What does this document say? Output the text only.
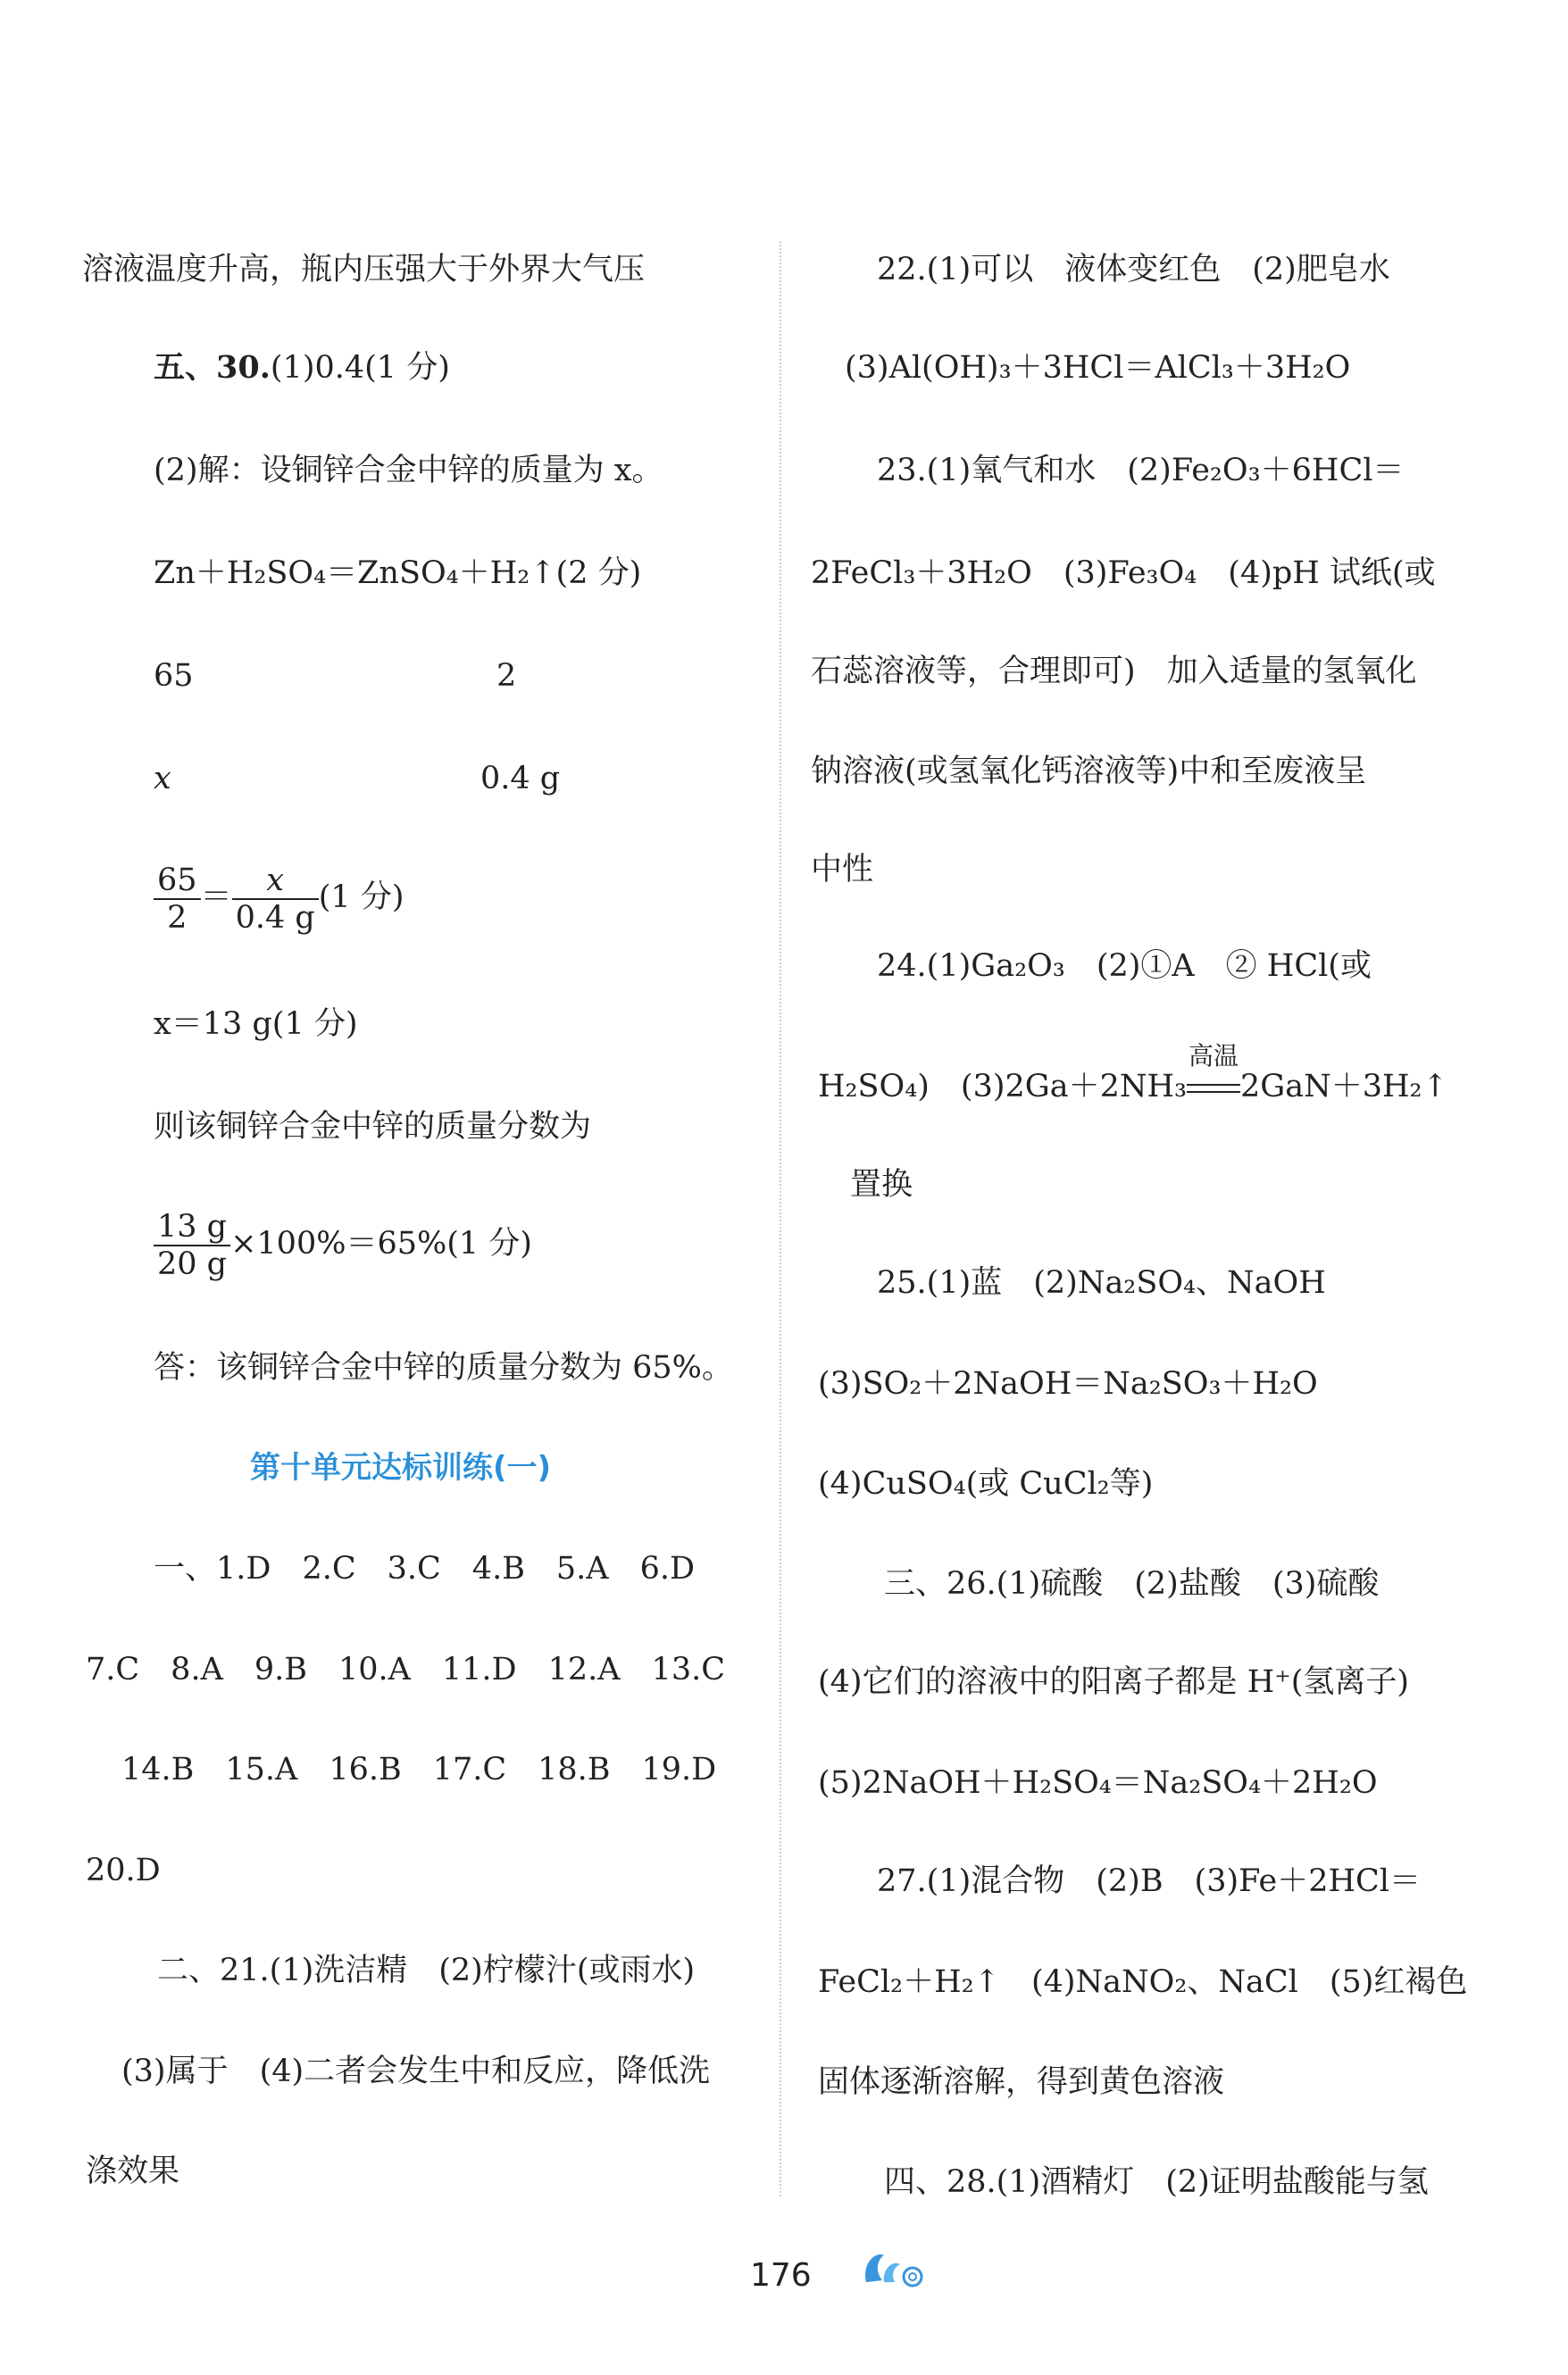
溶液温度升高，瓶内压强大于外界大气压
五、30.(1)0.4(1 分)
(2)解：设铜锌合金中锌的质量为 x。
Zn＋H₂SO₄＝ZnSO₄＋H₂↑(2 分)
65	2
x	0.4 g
$\frac{65}{2} = \frac{x}{0.4 g} (1$ 分)
x＝13 g(1 分)
则该铜锌合金中锌的质量分数为
$\frac{13 g}{20 g} \times 100\%=65\%(1$ 分)
答：该铜锌合金中锌的质量分数为 65%。
第十单元达标训练(一)
一、1.D　2.C　3.C　4.B　5.A　6.D
7.C　8.A　9.B　10.A　11.D　12.A　13.C
14.B　15.A　16.B　17.C　18.B　19.D
20.D
二、21.(1)洗洁精　(2)柠檬汁(或雨水)
(3)属于　(4)二者会发生中和反应，降低洗
涤效果
22.(1)可以　液体变红色　(2)肥皂水
(3)Al(OH)₃＋3HCl＝AlCl₃＋3H₂O
23.(1)氧气和水　(2)Fe₂O₃＋6HCl＝
2FeCl₃＋3H₂O　(3)Fe₃O₄　(4)pH 试纸(或
石蕊溶液等，合理即可)　加入适量的氢氧化
钠溶液(或氢氧化钙溶液等)中和至废液呈
中性
24.(1)Ga₂O₃　(2)①A　② HCl(或
H₂SO₄)　(3)2Ga＋2NH₃
高温
2GaN＋3H₂↑
置换
25.(1)蓝　(2)Na₂SO₄、NaOH
(3)SO₂＋2NaOH＝Na₂SO₃＋H₂O
(4)CuSO₄(或 CuCl₂等)
三、26.(1)硫酸　(2)盐酸　(3)硫酸
(4)它们的溶液中的阳离子都是 H⁺(氢离子)
(5)2NaOH＋H₂SO₄＝Na₂SO₄＋2H₂O
27.(1)混合物　(2)B　(3)Fe＋2HCl＝
FeCl₂＋H₂↑　(4)NaNO₂、NaCl　(5)红褐色
固体逐渐溶解，得到黄色溶液
四、28.(1)酒精灯　(2)证明盐酸能与氢
176
